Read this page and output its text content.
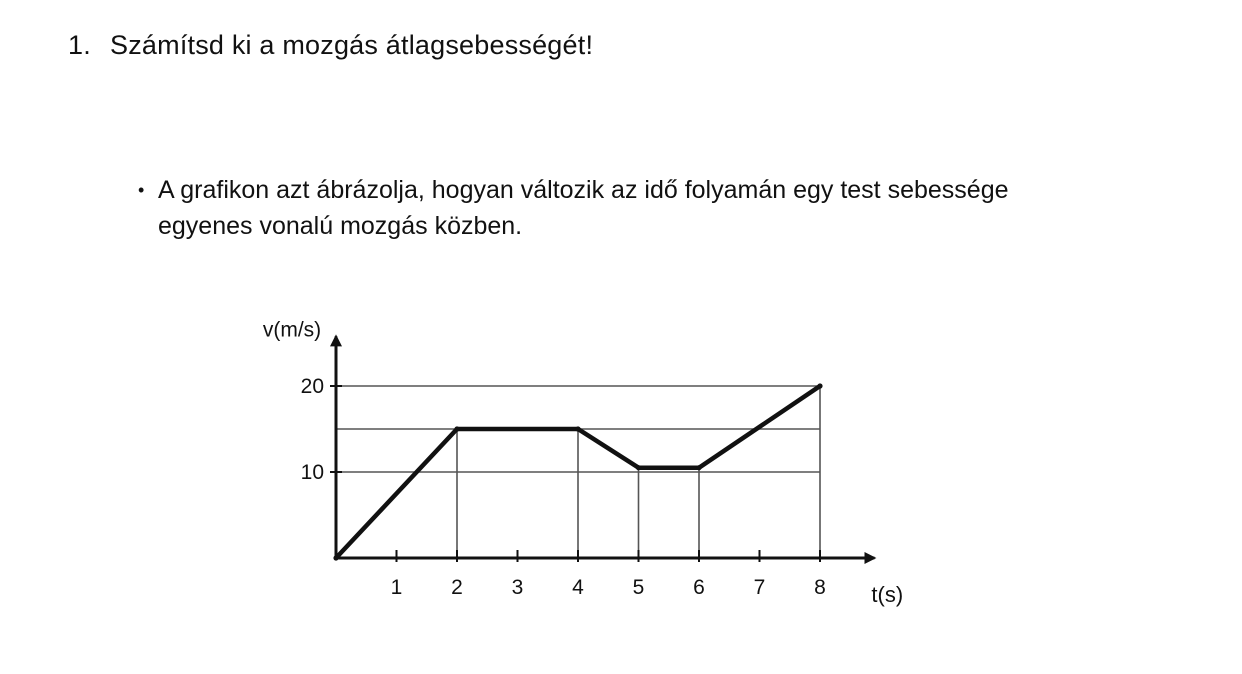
1. Számítsd ki a mozgás átlagsebességét!
• A grafikon azt ábrázolja, hogyan változik az idő folyamán egy test sebessége egyenes vonalú mozgás közben.
1 2 3 4 5 6 7 8
10
20
v(m/s)
t(s)
